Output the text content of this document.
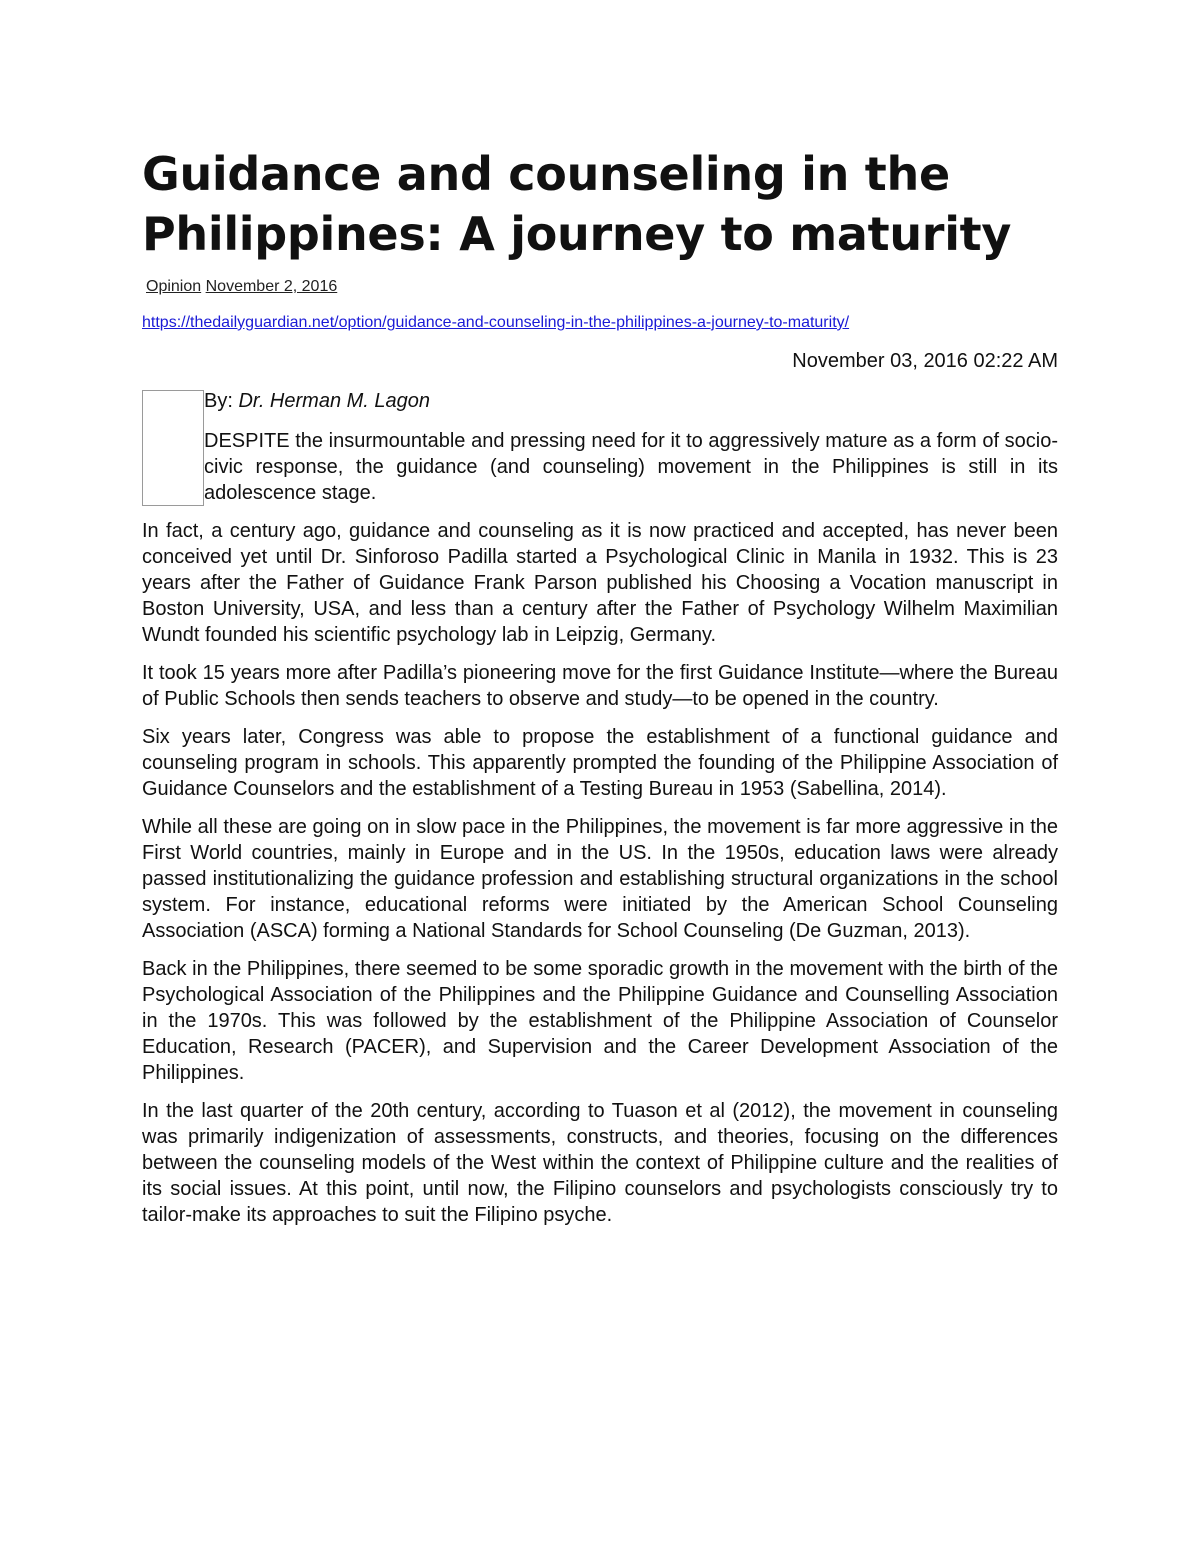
Guidance and counseling in the Philippines: A journey to maturity
Opinion November 2, 2016
https://thedailyguardian.net/option/guidance-and-counseling-in-the-philippines-a-journey-to-maturity/
November 03, 2016 02:22 AM

By: Dr. Herman M. Lagon

DESPITE the insurmountable and pressing need for it to aggressively mature as a form of socio-civic response, the guidance (and counseling) movement in the Philippines is still in its adolescence stage.

In fact, a century ago, guidance and counseling as it is now practiced and accepted, has never been conceived yet until Dr. Sinforoso Padilla started a Psychological Clinic in Manila in 1932. This is 23 years after the Father of Guidance Frank Parson published his Choosing a Vocation manuscript in Boston University, USA, and less than a century after the Father of Psychology Wilhelm Maximilian Wundt founded his scientific psychology lab in Leipzig, Germany.

It took 15 years more after Padilla’s pioneering move for the first Guidance Institute—where the Bureau of Public Schools then sends teachers to observe and study—to be opened in the country.

Six years later, Congress was able to propose the establishment of a functional guidance and counseling program in schools. This apparently prompted the founding of the Philippine Association of Guidance Counselors and the establishment of a Testing Bureau in 1953 (Sabellina, 2014).

While all these are going on in slow pace in the Philippines, the movement is far more aggressive in the First World countries, mainly in Europe and in the US. In the 1950s, education laws were already passed institutionalizing the guidance profession and establishing structural organizations in the school system. For instance, educational reforms were initiated by the American School Counseling Association (ASCA) forming a National Standards for School Counseling (De Guzman, 2013).

Back in the Philippines, there seemed to be some sporadic growth in the movement with the birth of the Psychological Association of the Philippines and the Philippine Guidance and Counselling Association in the 1970s. This was followed by the establishment of the Philippine Association of Counselor Education, Research (PACER), and Supervision and the Career Development Association of the Philippines.

In the last quarter of the 20th century, according to Tuason et al (2012), the movement in counseling was primarily indigenization of assessments, constructs, and theories, focusing on the differences between the counseling models of the West within the context of Philippine culture and the realities of its social issues. At this point, until now, the Filipino counselors and psychologists consciously try to tailor-make its approaches to suit the Filipino psyche.
